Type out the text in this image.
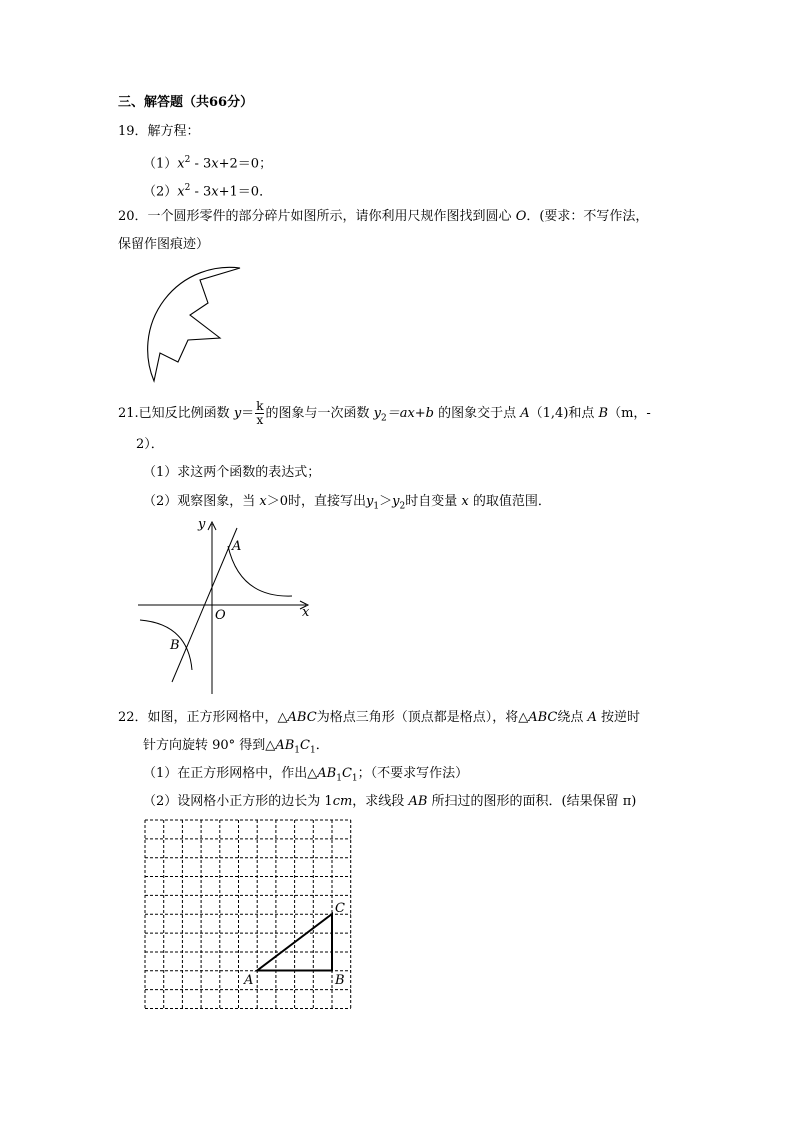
三、解答题（共66分）
19．解方程：
$(1)x^2 - 3x+2=0$；
$(2)x^2 - 3x+1=0$．
20．一个圆形零件的部分碎片如图所示，请你利用尺规作图找到圆心 O．(要求：不写作法，
保留作图痕迹）
21.已知反比例函数 $y= \frac{k}{x}$ 的图象与一次函数 $y_2=ax+b$ 的图象交于点 A（1,4)和点 B（m，-
2）．
（1）求这两个函数的表达式；
（2）观察图象，当 x＞0时，直接写出$y_1>y_2$时自变量 x 的取值范围．
y
x
O
A
B
22．如图，正方形网格中，△ABC为格点三角形（顶点都是格点），将△ABC绕点 A 按逆时
针方向旋转 90° 得到$\triangle AB_1C_1$．
（1）在正方形网格中，作出$\triangle AB_1C_1$；（不要求写作法）
（2）设网格小正方形的边长为 1cm，求线段 AB 所扫过的图形的面积．(结果保留 π)
A	B
C
